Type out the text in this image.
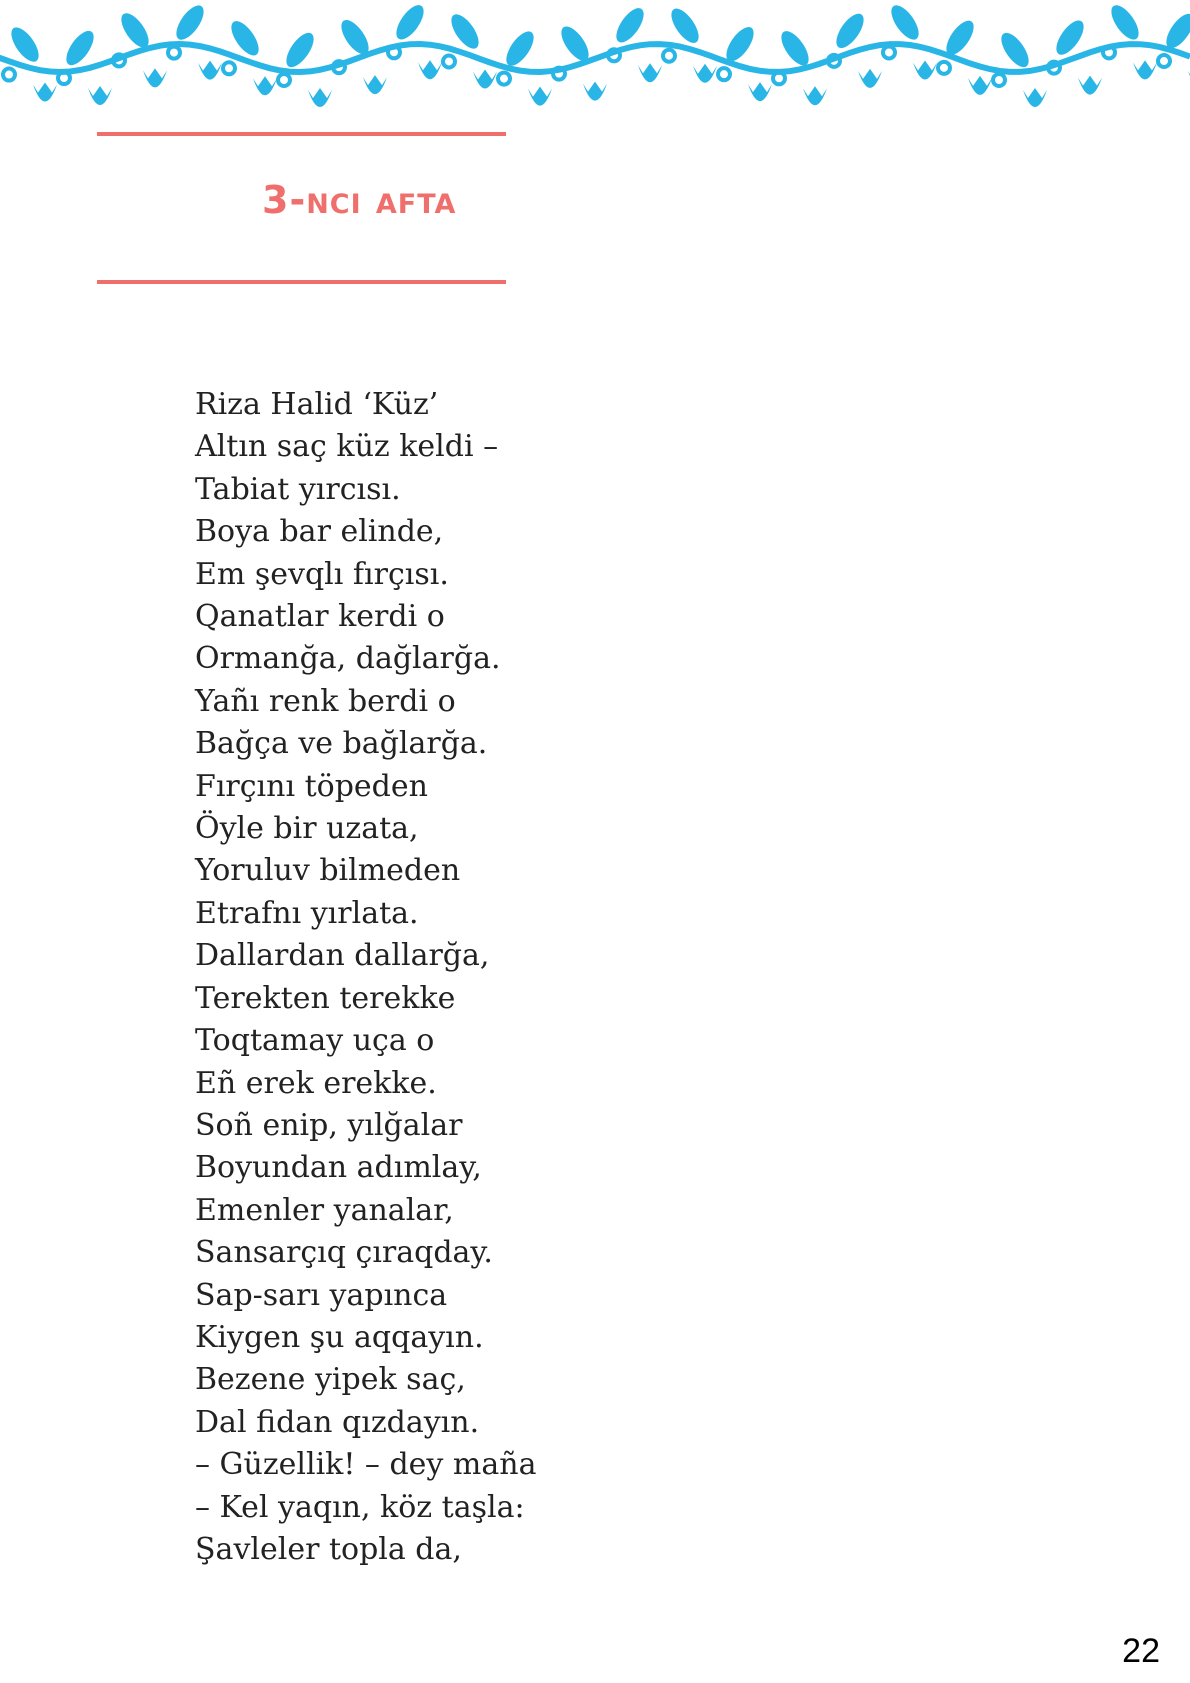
3-nci afta
Riza Halid ‘Küz’
Altın saç küz keldi –
Tabiat yırcısı.
Boya bar elinde,
Em şevqlı fırçısı.
Qanatlar kerdi o
Ormanğa, dağlarğa.
Yañı renk berdi o
Bağça ve bağlarğa.
Fırçını töpeden
Öyle bir uzata,
Yoruluv bilmeden
Etrafnı yırlata.
Dallardan dallarğa,
Terekten terekke
Toqtamay uça o
Eñ erek erekke.
Soñ enip, yılğalar
Boyundan adımlay,
Emenler yanalar,
Sansarçıq çıraqday.
Sap-sarı yapınca
Kiygen şu aqqayın.
Bezene yipek saç,
Dal fidan qızdayın.
– Güzellik! – dey maña
– Kel yaqın, köz taşla:
Şavleler topla da,
22
